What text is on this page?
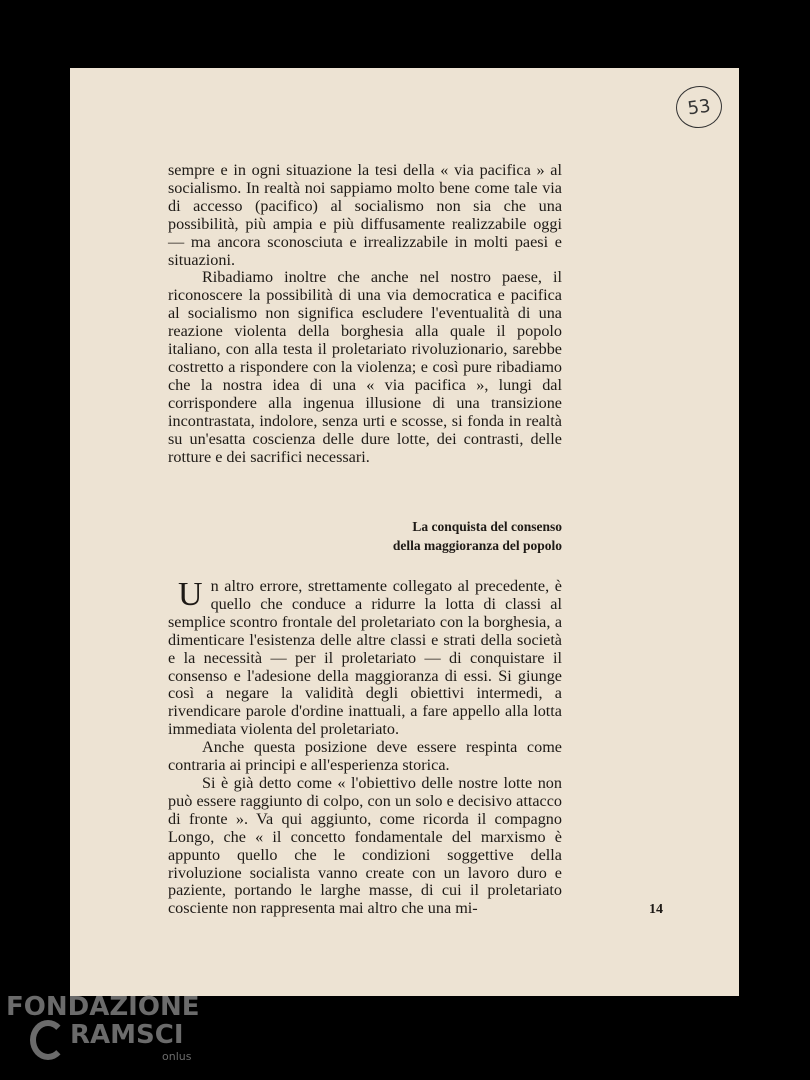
53

sempre e in ogni situazione la tesi della « via pacifica » al socialismo. In realtà noi sappiamo molto bene come tale via di accesso (pacifico) al socialismo non sia che una possibilità, più ampia e più diffusamente realizzabile oggi — ma ancora sconosciuta e irrealizzabile in molti paesi e situazioni.

Ribadiamo inoltre che anche nel nostro paese, il riconoscere la possibilità di una via democratica e pacifica al socialismo non significa escludere l'eventualità di una reazione violenta della borghesia alla quale il popolo italiano, con alla testa il proletariato rivoluzionario, sarebbe costretto a rispondere con la violenza; e così pure ribadiamo che la nostra idea di una « via pacifica », lungi dal corrispondere alla ingenua illusione di una transizione incontrastata, indolore, senza urti e scosse, si fonda in realtà su un'esatta coscienza delle dure lotte, dei contrasti, delle rotture e dei sacrifici necessari.

La conquista del consenso
della maggioranza del popolo

Un altro errore, strettamente collegato al precedente, è quello che conduce a ridurre la lotta di classi al semplice scontro frontale del proletariato con la borghesia, a dimenticare l'esistenza delle altre classi e strati della società e la necessità — per il proletariato — di conquistare il consenso e l'adesione della maggioranza di essi. Si giunge così a negare la validità degli obiettivi intermedi, a rivendicare parole d'ordine inattuali, a fare appello alla lotta immediata violenta del proletariato.

Anche questa posizione deve essere respinta come contraria ai principi e all'esperienza storica.

Si è già detto come « l'obiettivo delle nostre lotte non può essere raggiunto di colpo, con un solo e decisivo attacco di fronte ». Va qui aggiunto, come ricorda il compagno Longo, che « il concetto fondamentale del marxismo è appunto quello che le condizioni soggettive della rivoluzione socialista vanno create con un lavoro duro e paziente, portando le larghe masse, di cui il proletariato cosciente non rappresenta mai altro che una mi-	14
FONDAZIONE
RAMSCI
onlus
